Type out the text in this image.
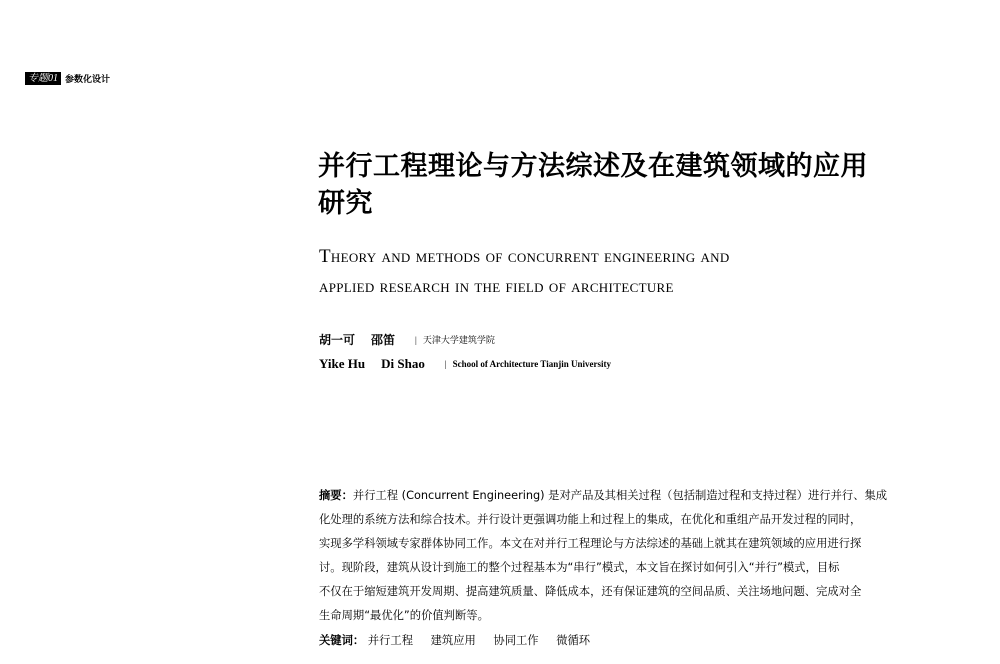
专题01 参数化设计
并行工程理论与方法综述及在建筑领域的应用
研究
Theory and methods of concurrent engineering and
applied research in the field of architecture
胡一可 邵笛 | 天津大学建筑学院
Yike Hu Di Shao | School of Architecture Tianjin University
摘要：并行工程 (Concurrent Engineering) 是对产品及其相关过程（包括制造过程和支持过程）进行并行、集成
化处理的系统方法和综合技术。并行设计更强调功能上和过程上的集成，在优化和重组产品开发过程的同时，
实现多学科领域专家群体协同工作。本文在对并行工程理论与方法综述的基础上就其在建筑领域的应用进行探
讨。现阶段，建筑从设计到施工的整个过程基本为“串行”模式，本文旨在探讨如何引入“并行”模式，目标
不仅在于缩短建筑开发周期、提高建筑质量、降低成本，还有保证建筑的空间品质、关注场地问题、完成对全
生命周期“最优化”的价值判断等。
关键词： 并行工程 建筑应用 协同工作 微循环
